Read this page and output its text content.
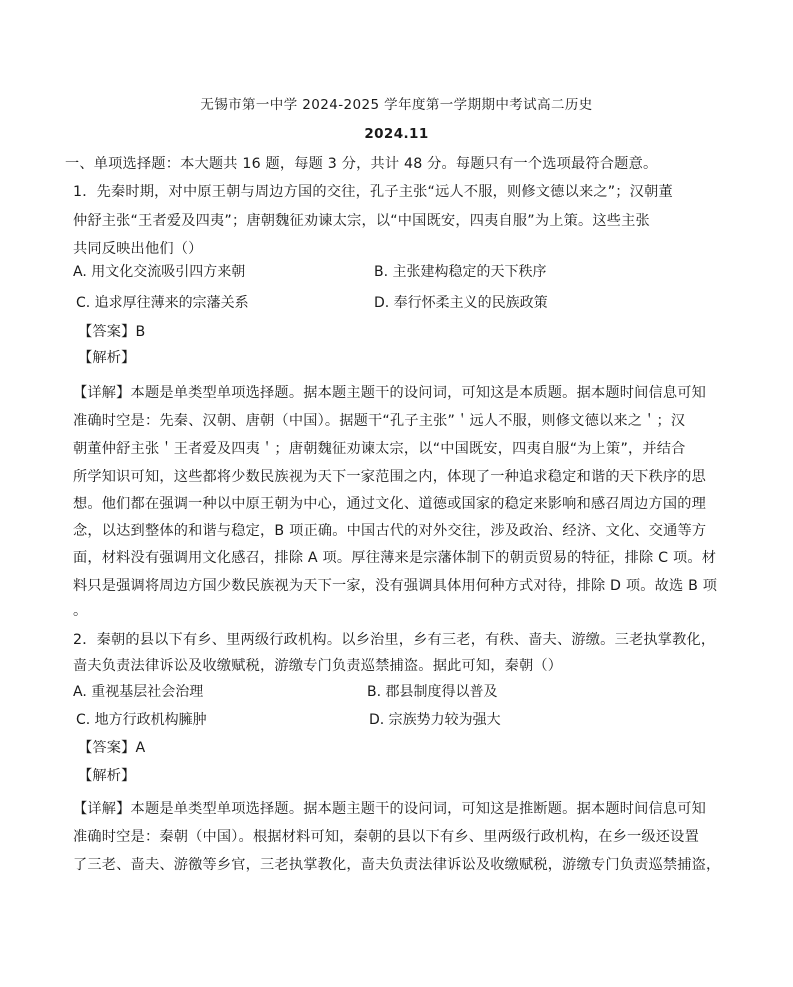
无锡市第一中学 2024-2025 学年度第一学期期中考试高二历史
2024.11
一、单项选择题：本大题共 16 题，每题 3 分，共计 48 分。每题只有一个选项最符合题意。
1．先秦时期，对中原王朝与周边方国的交往，孔子主张“远人不服，则修文德以来之”；汉朝董
仲舒主张“王者爱及四夷”；唐朝魏征劝谏太宗，以“中国既安，四夷自服”为上策。这些主张
共同反映出他们（）
A. 用文化交流吸引四方来朝	B. 主张建构稳定的天下秩序
C. 追求厚往薄来的宗藩关系	D. 奉行怀柔主义的民族政策
【答案】B
【解析】
【详解】本题是单类型单项选择题。据本题主题干的设问词，可知这是本质题。据本题时间信息可知
准确时空是：先秦、汉朝、唐朝（中国）。据题干“孔子主张”＇远人不服，则修文德以来之＇；汉
朝董仲舒主张＇王者爱及四夷＇；唐朝魏征劝谏太宗，以“中国既安，四夷自服“为上策”，并结合
所学知识可知，这些都将少数民族视为天下一家范围之内，体现了一种追求稳定和谐的天下秩序的思
想。他们都在强调一种以中原王朝为中心，通过文化、道德或国家的稳定来影响和感召周边方国的理
念，以达到整体的和谐与稳定，B 项正确。中国古代的对外交往，涉及政治、经济、文化、交通等方
面，材料没有强调用文化感召，排除 A 项。厚往薄来是宗藩体制下的朝贡贸易的特征，排除 C 项。材
料只是强调将周边方国少数民族视为天下一家，没有强调具体用何种方式对待，排除 D 项。故选 B 项
。
2．秦朝的县以下有乡、里两级行政机构。以乡治里，乡有三老，有秩、啬夫、游缴。三老执掌教化，
啬夫负责法律诉讼及收缴赋税，游缴专门负责巡禁捕盗。据此可知，秦朝（）
A. 重视基层社会治理	B. 郡县制度得以普及
C. 地方行政机构臃肿	D. 宗族势力较为强大
【答案】A
【解析】
【详解】本题是单类型单项选择题。据本题主题干的设问词，可知这是推断题。据本题时间信息可知
准确时空是：秦朝（中国）。根据材料可知，秦朝的县以下有乡、里两级行政机构，在乡一级还设置
了三老、啬夫、游徼等乡官，三老执掌教化，啬夫负责法律诉讼及收缴赋税，游缴专门负责巡禁捕盗，
